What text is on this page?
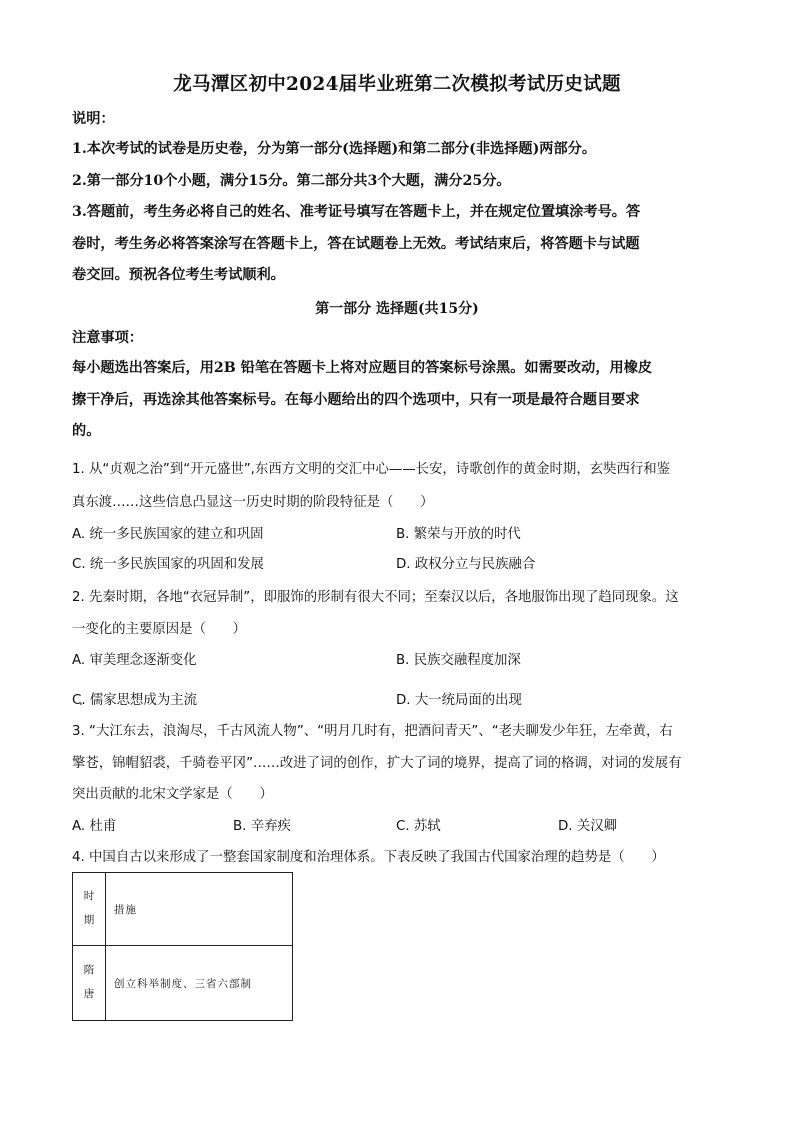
龙马潭区初中2024届毕业班第二次模拟考试历史试题
说明：
1.本次考试的试卷是历史卷，分为第一部分(选择题)和第二部分(非选择题)两部分。
2.第一部分10个小题，满分15分。第二部分共3个大题，满分25分。
3.答题前，考生务必将自己的姓名、准考证号填写在答题卡上，并在规定位置填涂考号。答
卷时，考生务必将答案涂写在答题卡上，答在试题卷上无效。考试结束后，将答题卡与试题
卷交回。预祝各位考生考试顺利。
第一部分 选择题(共15分)
注意事项：
每小题选出答案后，用2B 铅笔在答题卡上将对应题目的答案标号涂黑。如需要改动，用橡皮
擦干净后，再选涂其他答案标号。在每小题给出的四个选项中，只有一项是最符合题目要求
的。
1. 从“贞观之治”到“开元盛世”,东西方文明的交汇中心——长安，诗歌创作的黄金时期，玄奘西行和鉴
真东渡……这些信息凸显这一历史时期的阶段特征是（　　）
A. 统一多民族国家的建立和巩固	B. 繁荣与开放的时代
C. 统一多民族国家的巩固和发展	D. 政权分立与民族融合
2. 先秦时期，各地“衣冠异制”，即服饰的形制有很大不同；至秦汉以后，各地服饰出现了趋同现象。这
一变化的主要原因是（　　）
A. 审美理念逐渐变化	B. 民族交融程度加深
C. 儒家思想成为主流	D. 大一统局面的出现
3. “大江东去，浪淘尽，千古风流人物”、“明月几时有，把酒问青天”、“老夫聊发少年狂，左牵黄，右
擎苍，锦帽貂裘，千骑卷平冈”……改进了词的创作，扩大了词的境界，提高了词的格调，对词的发展有
突出贡献的北宋文学家是（　　）
A. 杜甫	B. 辛弃疾	C. 苏轼	D. 关汉卿
4. 中国自古以来形成了一整套国家制度和治理体系。下表反映了我国古代国家治理的趋势是（　　）
时期	措施
隋唐	创立科举制度、三省六部制
